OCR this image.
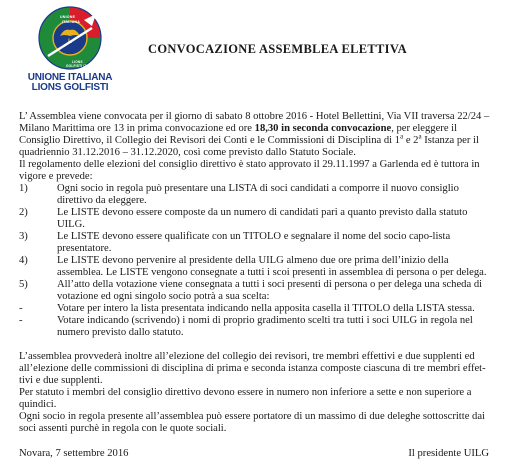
UNIONE
ITALIANA
LIONS
GOLFISTI ITALIANI
UNIONE ITALIANA
LIONS GOLFISTI
CONVOCAZIONE ASSEMBLEA ELETTIVA

L’ Assemblea viene convocata per il giorno di sabato 8 ottobre 2016 - Hotel Bellettini, Via VII traversa 22/24 – Milano Marittima ore 13 in prima convocazione ed ore 18,30 in seconda convocazione, per eleggere il Consiglio Direttivo, il Collegio dei Revisori dei Conti e le Commissioni di Disciplina di 1$^a$ e 2$^a$ Istanza per il quadriennio 31.12.2016 – 31.12.2020, così come previsto dallo Statuto Sociale.

Il regolamento delle elezioni del consiglio direttivo è stato approvato il 29.11.1997 a Garlenda ed è tuttora in vigore e prevede:

1)	Ogni socio in regola può presentare una LISTA di soci candidati a comporre il nuovo consiglio direttivo da eleggere.
2)	Le LISTE devono essere composte da un numero di candidati pari a quanto previsto dalla statuto UILG.
3)	Le LISTE devono essere qualificate con un TITOLO e segnalare il nome del socio capo-lista presentatore.
4)	Le LISTE devono pervenire al presidente della UILG almeno due ore prima dell’inizio della assemblea. Le LISTE vengono consegnate a tutti i scoi presenti in assemblea di persona o per delega.
5)	All’atto della votazione viene consegnata a tutti i soci presenti di persona o per delega una scheda di votazione ed ogni singolo socio potrà a sua scelta:
-	Votare per intero la lista presentata indicando nella apposita casella il TITOLO della LISTA stessa.
-	Votare indicando (scrivendo) i nomi di proprio gradimento scelti tra tutti i soci UILG in regola nel numero previsto dallo statuto.

L’assemblea provvederà inoltre all’elezione del collegio dei revisori, tre membri effettivi e due supplenti ed all’elezione delle commissioni di disciplina di prima e seconda istanza composte ciascuna di tre membri effet-tivi e due supplenti.

Per statuto i membri del consiglio direttivo devono essere in numero non inferiore a sette e non superiore a quindici.

Ogni socio in regola presente all’assemblea può essere portatore di un massimo di due deleghe sottoscritte dai soci assenti purchè in regola con le quote sociali.

Novara, 7 settembre 2016	Il presidente UILG
